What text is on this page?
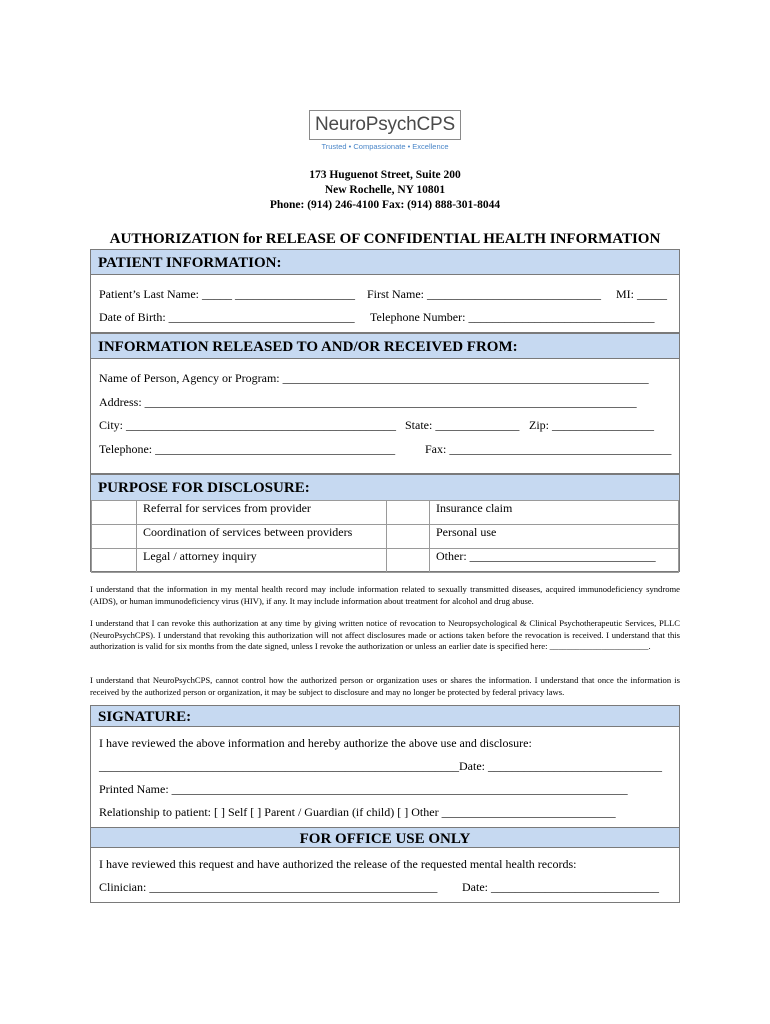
NeuroPsychCPS
Trusted • Compassionate • Excellence
173 Huguenot Street, Suite 200
New Rochelle, NY 10801
Phone: (914) 246-4100 Fax: (914) 888-301-8044
AUTHORIZATION for RELEASE OF CONFIDENTIAL HEALTH INFORMATION
PATIENT INFORMATION:
Patient’s Last Name: _____ ____________________ First Name: _____________________________ MI: _____
Date of Birth: _______________________________ Telephone Number: _______________________________
INFORMATION RELEASED TO AND/OR RECEIVED FROM:
Name of Person, Agency or Program: _____________________________________________________________
Address: __________________________________________________________________________________
City: _____________________________________________ State: ______________ Zip: _________________
Telephone: ________________________________________ Fax: _____________________________________
PURPOSE FOR DISCLOSURE:
	Referral for services from provider		Insurance claim
	Coordination of services between providers		Personal use
	Legal / attorney inquiry		Other: _______________________________
I understand that the information in my mental health record may include information related to sexually transmitted diseases, acquired immunodeficiency syndrome (AIDS), or human immunodeficiency virus (HIV), if any. It may include information about treatment for alcohol and drug abuse.
I understand that I can revoke this authorization at any time by giving written notice of revocation to Neuropsychological & Clinical Psychotherapeutic Services, PLLC (NeuroPsychCPS). I understand that revoking this authorization will not affect disclosures made or actions taken before the revocation is received. I understand that this authorization is valid for six months from the date signed, unless I revoke the authorization or unless an earlier date is specified here: _______________________.
I understand that NeuroPsychCPS, cannot control how the authorized person or organization uses or shares the information. I understand that once the information is received by the authorized person or organization, it may be subject to disclosure and may no longer be protected by federal privacy laws.
SIGNATURE:
I have reviewed the above information and hereby authorize the above use and disclosure:
____________________________________________________________ Date: _____________________________
Printed Name: ____________________________________________________________________________
Relationship to patient: [ ] Self [ ] Parent / Guardian (if child) [ ] Other _____________________________
FOR OFFICE USE ONLY
I have reviewed this request and have authorized the release of the requested mental health records:
Clinician: ________________________________________________ Date: ____________________________
